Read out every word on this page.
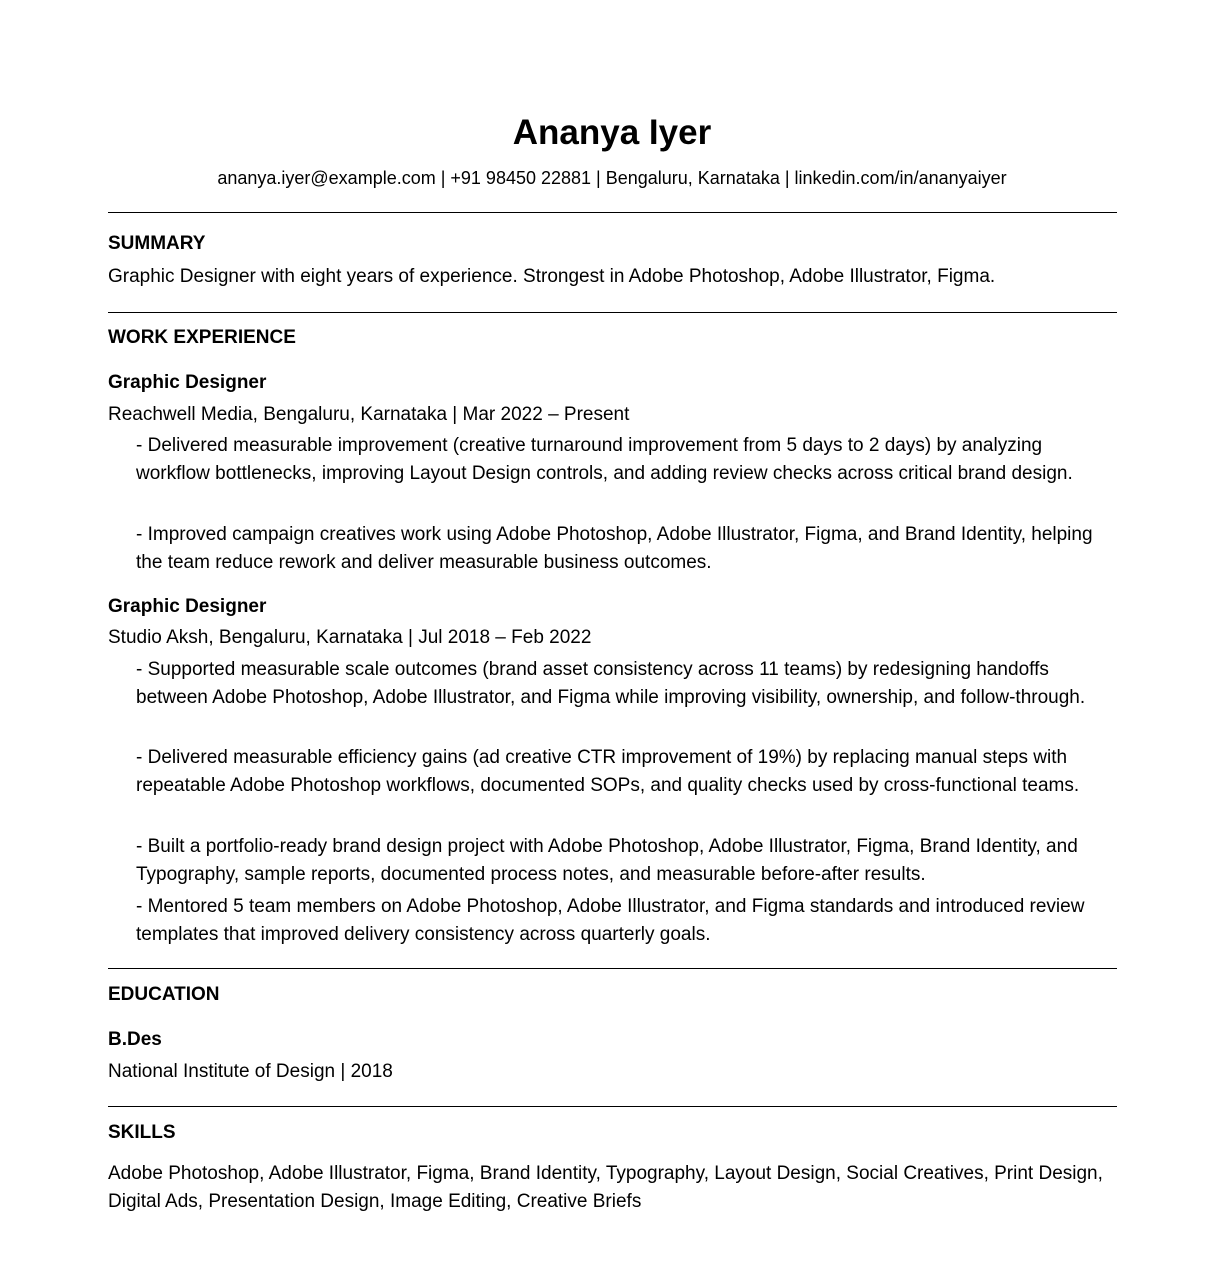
Ananya Iyer
ananya.iyer@example.com | +91 98450 22881 | Bengaluru, Karnataka | linkedin.com/in/ananyaiyer
SUMMARY
Graphic Designer with eight years of experience. Strongest in Adobe Photoshop, Adobe Illustrator, Figma.
WORK EXPERIENCE
Graphic Designer
Reachwell Media, Bengaluru, Karnataka | Mar 2022 – Present
- Delivered measurable improvement (creative turnaround improvement from 5 days to 2 days) by analyzing workflow bottlenecks, improving Layout Design controls, and adding review checks across critical brand design.
- Improved campaign creatives work using Adobe Photoshop, Adobe Illustrator, Figma, and Brand Identity, helping the team reduce rework and deliver measurable business outcomes.
Graphic Designer
Studio Aksh, Bengaluru, Karnataka | Jul 2018 – Feb 2022
- Supported measurable scale outcomes (brand asset consistency across 11 teams) by redesigning handoffs between Adobe Photoshop, Adobe Illustrator, and Figma while improving visibility, ownership, and follow-through.
- Delivered measurable efficiency gains (ad creative CTR improvement of 19%) by replacing manual steps with repeatable Adobe Photoshop workflows, documented SOPs, and quality checks used by cross-functional teams.
- Built a portfolio-ready brand design project with Adobe Photoshop, Adobe Illustrator, Figma, Brand Identity, and Typography, sample reports, documented process notes, and measurable before-after results.
- Mentored 5 team members on Adobe Photoshop, Adobe Illustrator, and Figma standards and introduced review templates that improved delivery consistency across quarterly goals.
EDUCATION
B.Des
National Institute of Design | 2018
SKILLS
Adobe Photoshop, Adobe Illustrator, Figma, Brand Identity, Typography, Layout Design, Social Creatives, Print Design, Digital Ads, Presentation Design, Image Editing, Creative Briefs
